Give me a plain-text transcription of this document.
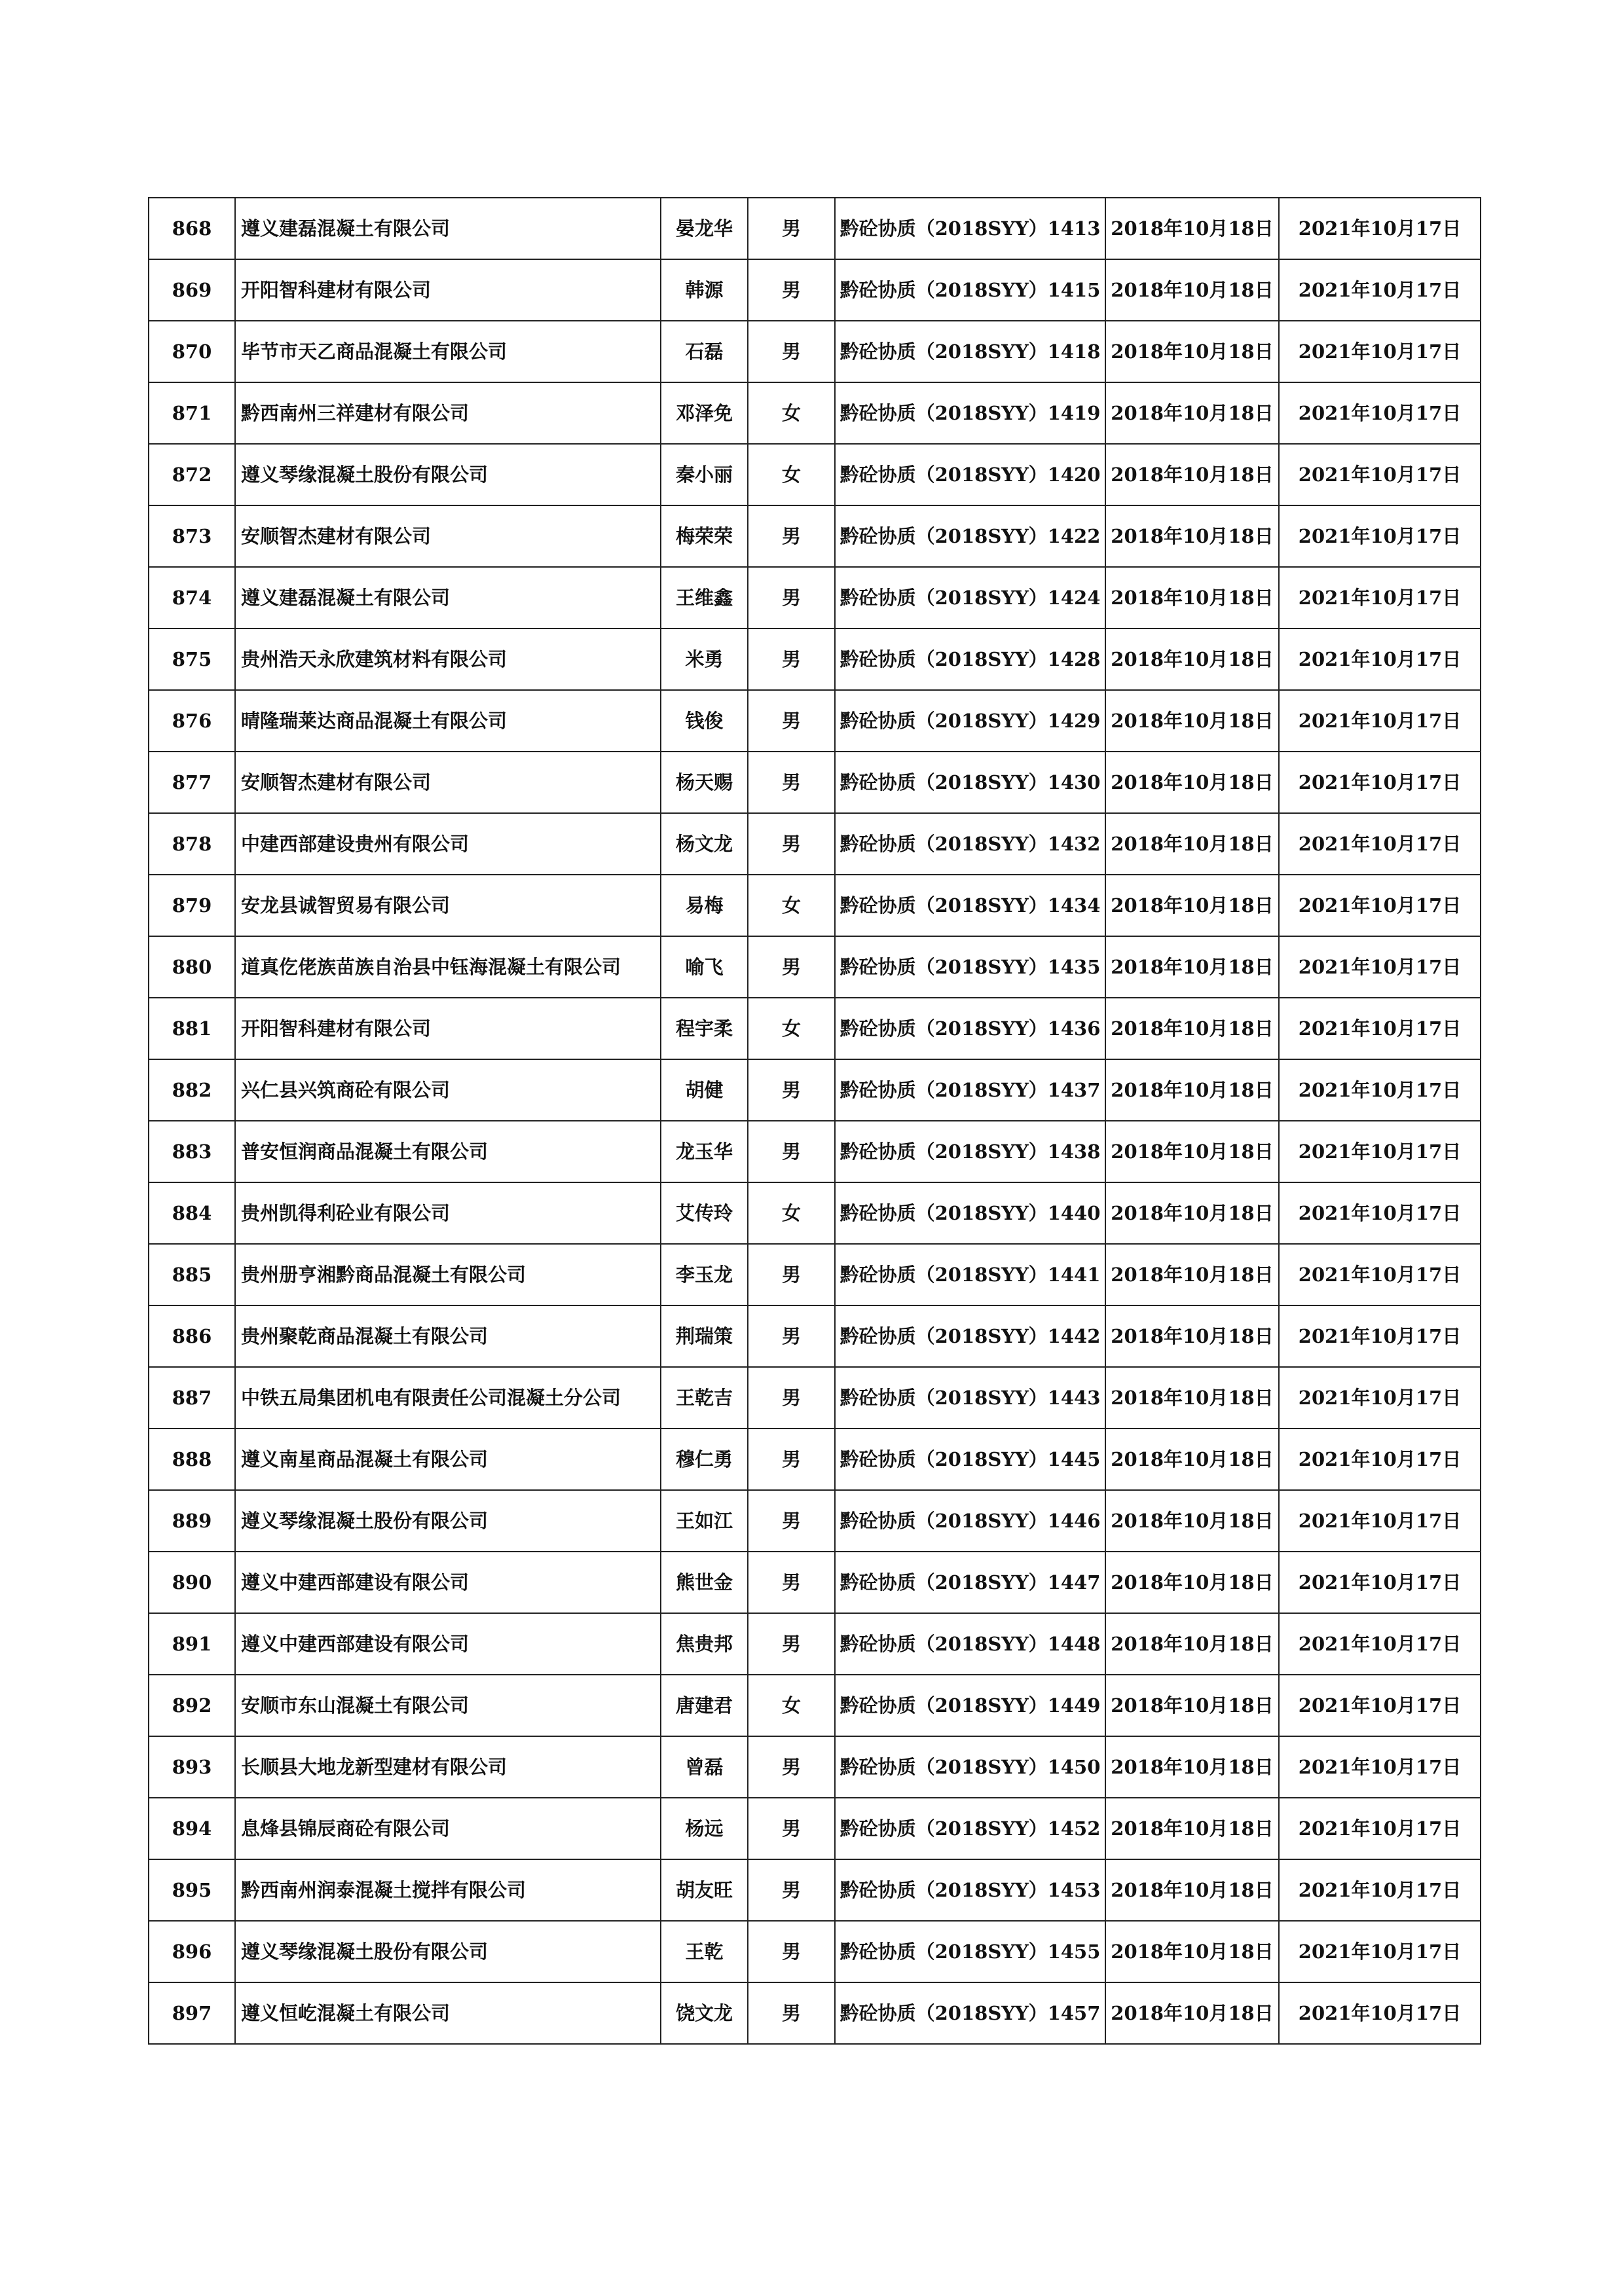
868	遵义建磊混凝土有限公司	晏龙华	男	黔砼协质（2018SYY）1413	2018年10月18日	2021年10月17日
869	开阳智科建材有限公司	韩源	男	黔砼协质（2018SYY）1415	2018年10月18日	2021年10月17日
870	毕节市天乙商品混凝土有限公司	石磊	男	黔砼协质（2018SYY）1418	2018年10月18日	2021年10月17日
871	黔西南州三祥建材有限公司	邓泽免	女	黔砼协质（2018SYY）1419	2018年10月18日	2021年10月17日
872	遵义琴缘混凝土股份有限公司	秦小丽	女	黔砼协质（2018SYY）1420	2018年10月18日	2021年10月17日
873	安顺智杰建材有限公司	梅荣荣	男	黔砼协质（2018SYY）1422	2018年10月18日	2021年10月17日
874	遵义建磊混凝土有限公司	王维鑫	男	黔砼协质（2018SYY）1424	2018年10月18日	2021年10月17日
875	贵州浩天永欣建筑材料有限公司	米勇	男	黔砼协质（2018SYY）1428	2018年10月18日	2021年10月17日
876	晴隆瑞莱达商品混凝土有限公司	钱俊	男	黔砼协质（2018SYY）1429	2018年10月18日	2021年10月17日
877	安顺智杰建材有限公司	杨天赐	男	黔砼协质（2018SYY）1430	2018年10月18日	2021年10月17日
878	中建西部建设贵州有限公司	杨文龙	男	黔砼协质（2018SYY）1432	2018年10月18日	2021年10月17日
879	安龙县诚智贸易有限公司	易梅	女	黔砼协质（2018SYY）1434	2018年10月18日	2021年10月17日
880	道真仡佬族苗族自治县中钰海混凝土有限公司	喻飞	男	黔砼协质（2018SYY）1435	2018年10月18日	2021年10月17日
881	开阳智科建材有限公司	程宇柔	女	黔砼协质（2018SYY）1436	2018年10月18日	2021年10月17日
882	兴仁县兴筑商砼有限公司	胡健	男	黔砼协质（2018SYY）1437	2018年10月18日	2021年10月17日
883	普安恒润商品混凝土有限公司	龙玉华	男	黔砼协质（2018SYY）1438	2018年10月18日	2021年10月17日
884	贵州凯得利砼业有限公司	艾传玲	女	黔砼协质（2018SYY）1440	2018年10月18日	2021年10月17日
885	贵州册亨湘黔商品混凝土有限公司	李玉龙	男	黔砼协质（2018SYY）1441	2018年10月18日	2021年10月17日
886	贵州聚乾商品混凝土有限公司	荆瑞策	男	黔砼协质（2018SYY）1442	2018年10月18日	2021年10月17日
887	中铁五局集团机电有限责任公司混凝土分公司	王乾吉	男	黔砼协质（2018SYY）1443	2018年10月18日	2021年10月17日
888	遵义南星商品混凝土有限公司	穆仁勇	男	黔砼协质（2018SYY）1445	2018年10月18日	2021年10月17日
889	遵义琴缘混凝土股份有限公司	王如江	男	黔砼协质（2018SYY）1446	2018年10月18日	2021年10月17日
890	遵义中建西部建设有限公司	熊世金	男	黔砼协质（2018SYY）1447	2018年10月18日	2021年10月17日
891	遵义中建西部建设有限公司	焦贵邦	男	黔砼协质（2018SYY）1448	2018年10月18日	2021年10月17日
892	安顺市东山混凝土有限公司	唐建君	女	黔砼协质（2018SYY）1449	2018年10月18日	2021年10月17日
893	长顺县大地龙新型建材有限公司	曾磊	男	黔砼协质（2018SYY）1450	2018年10月18日	2021年10月17日
894	息烽县锦辰商砼有限公司	杨远	男	黔砼协质（2018SYY）1452	2018年10月18日	2021年10月17日
895	黔西南州润泰混凝土搅拌有限公司	胡友旺	男	黔砼协质（2018SYY）1453	2018年10月18日	2021年10月17日
896	遵义琴缘混凝土股份有限公司	王乾	男	黔砼协质（2018SYY）1455	2018年10月18日	2021年10月17日
897	遵义恒屹混凝土有限公司	饶文龙	男	黔砼协质（2018SYY）1457	2018年10月18日	2021年10月17日
